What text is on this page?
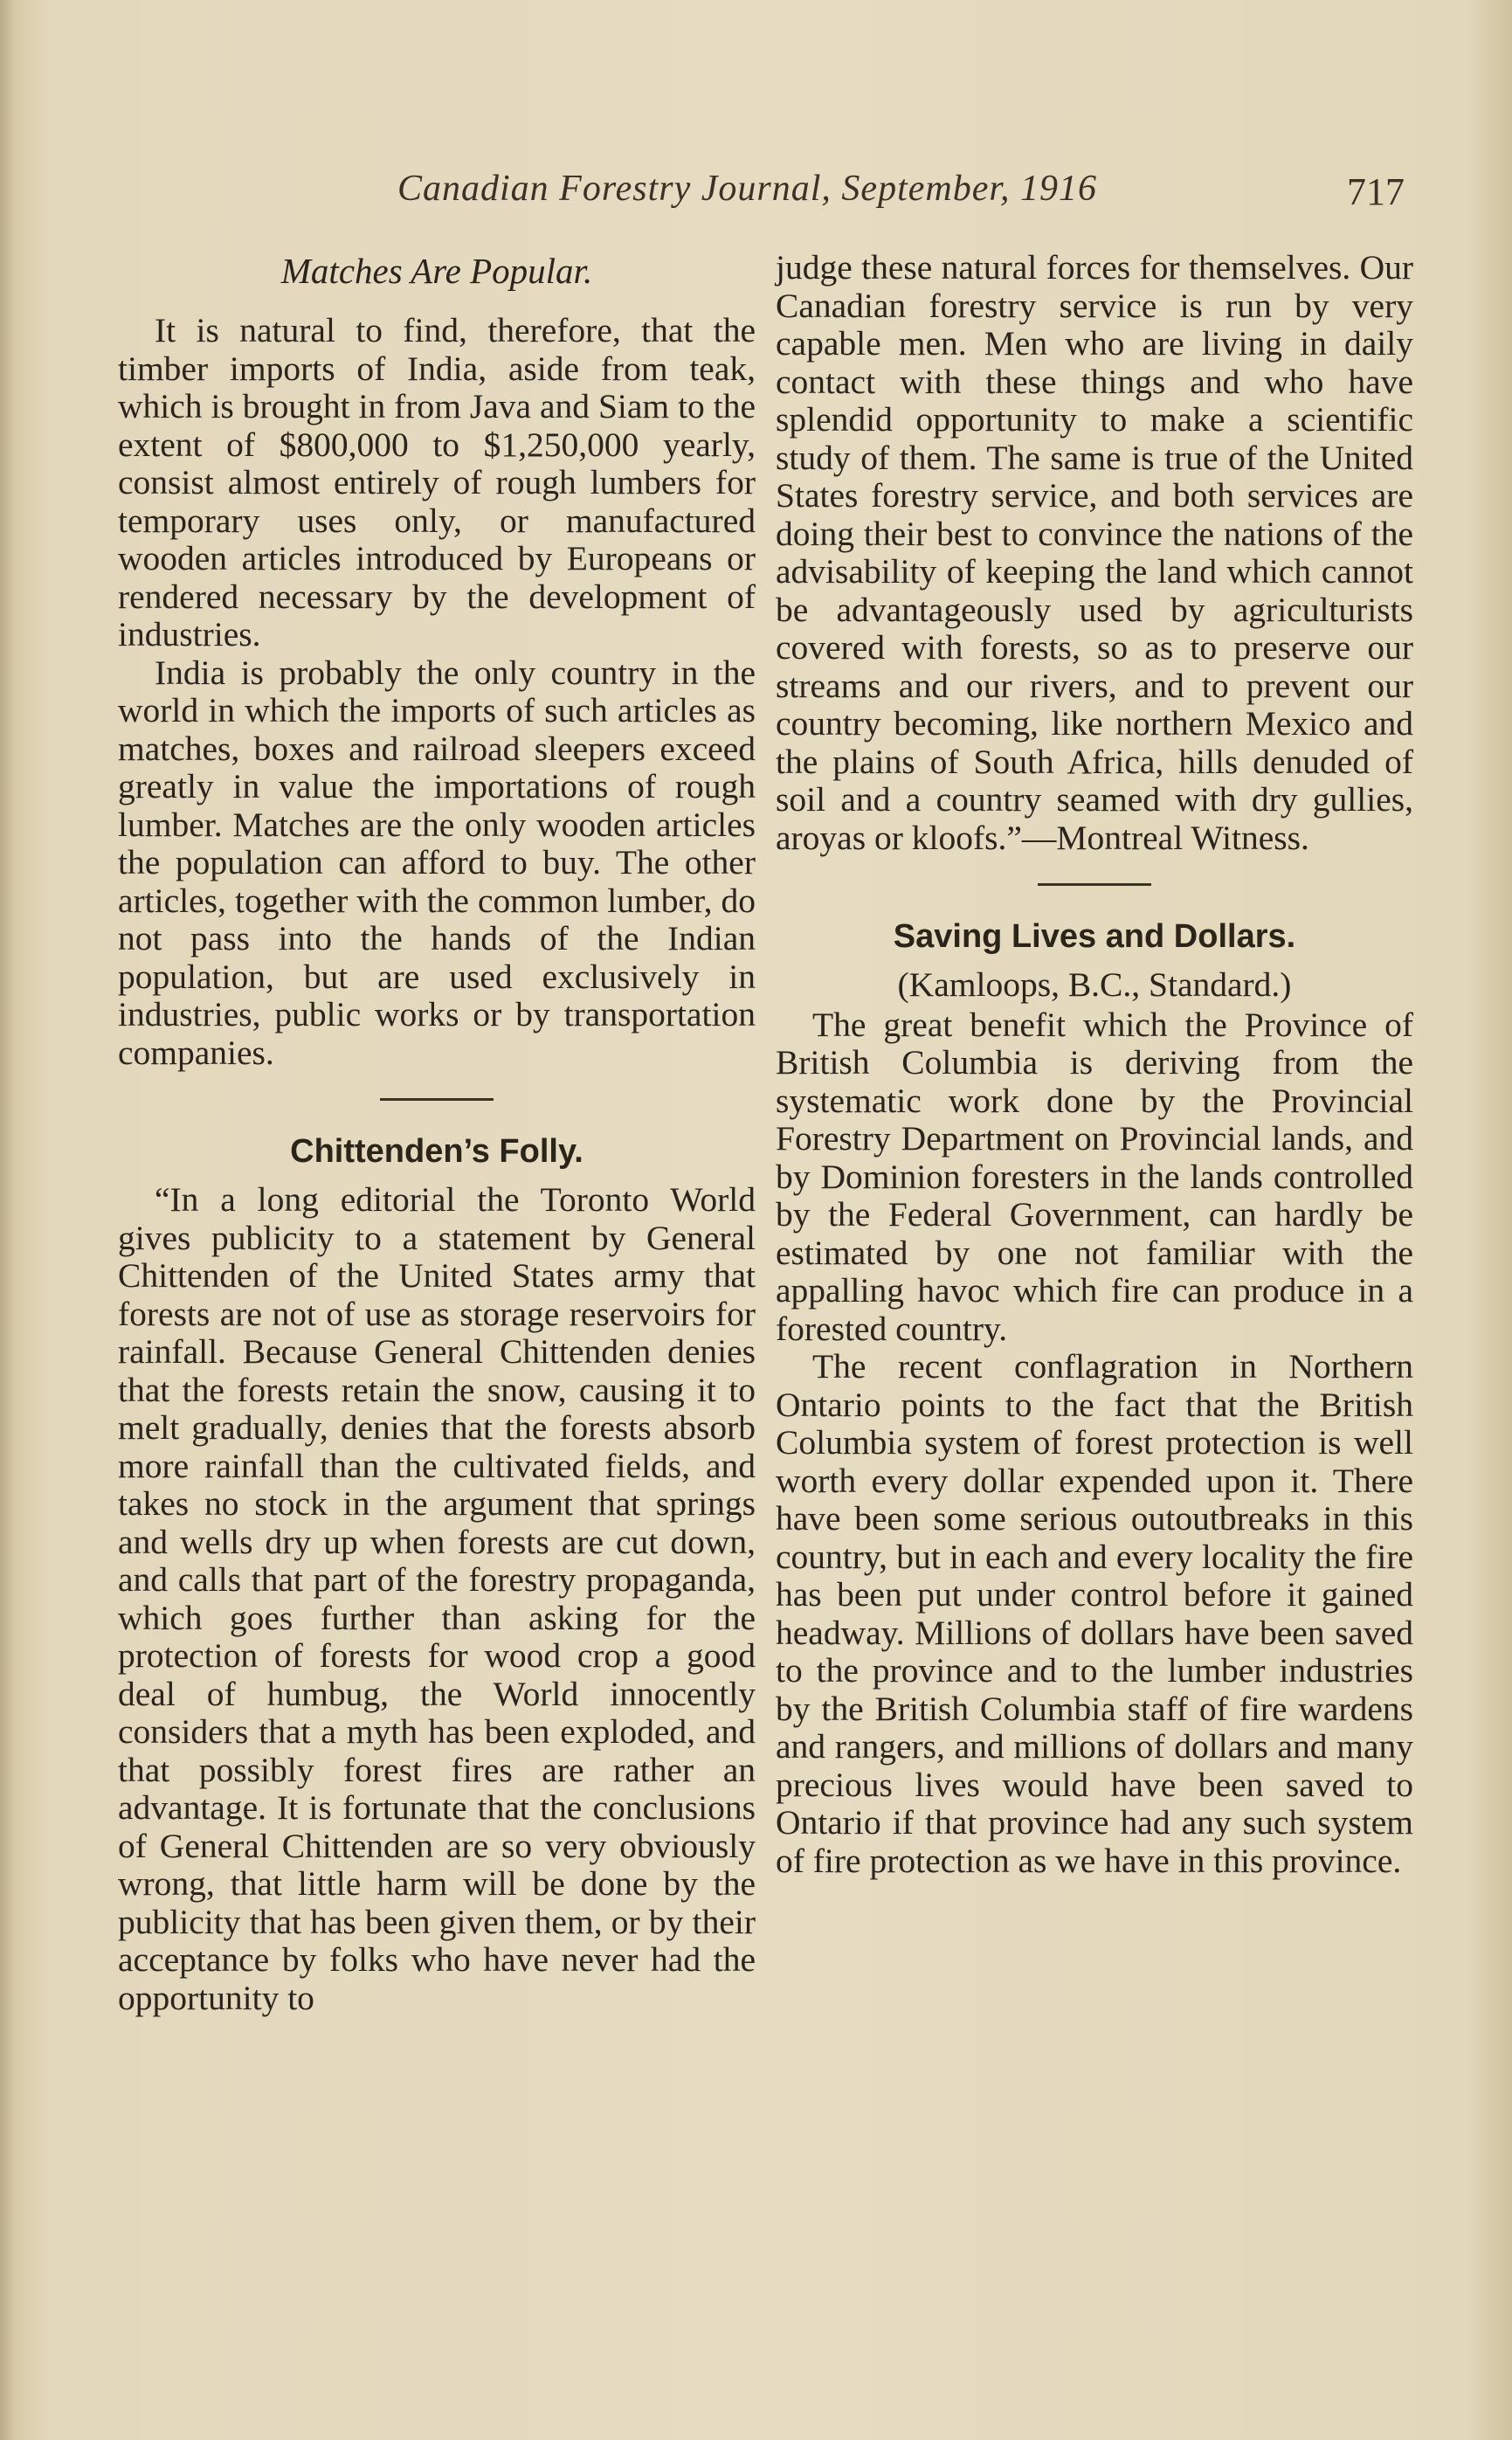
Canadian Forestry Journal, September, 1916	717
Matches Are Popular.

It is natural to find, therefore, that the timber imports of India, aside from teak, which is brought in from Java and Siam to the extent of $800,000 to $1,250,000 yearly, consist almost entirely of rough lumbers for temporary uses only, or manufactured wooden articles introduced by Europeans or rendered necessary by the development of industries.

India is probably the only country in the world in which the imports of such articles as matches, boxes and railroad sleepers exceed greatly in value the importations of rough lumber. Matches are the only wooden articles the population can afford to buy. The other articles, together with the common lumber, do not pass into the hands of the Indian population, but are used exclusively in industries, public works or by transportation companies.

Chittenden’s Folly.

“In a long editorial the Toronto World gives publicity to a statement by General Chittenden of the United States army that forests are not of use as storage reservoirs for rainfall. Because General Chittenden denies that the forests retain the snow, causing it to melt gradually, denies that the forests absorb more rainfall than the cultivated fields, and takes no stock in the argument that springs and wells dry up when forests are cut down, and calls that part of the forestry propaganda, which goes further than asking for the protection of forests for wood crop a good deal of humbug, the World innocently considers that a myth has been exploded, and that possibly forest fires are rather an advantage. It is fortunate that the conclusions of General Chittenden are so very obviously wrong, that little harm will be done by the publicity that has been given them, or by their acceptance by folks who have never had the opportunity to

judge these natural forces for themselves. Our Canadian forestry service is run by very capable men. Men who are living in daily contact with these things and who have splendid opportunity to make a scientific study of them. The same is true of the United States forestry service, and both services are doing their best to convince the nations of the advisability of keeping the land which cannot be advantageously used by agriculturists covered with forests, so as to preserve our streams and our rivers, and to prevent our country becoming, like northern Mexico and the plains of South Africa, hills denuded of soil and a country seamed with dry gullies, aroyas or kloofs.”—Montreal Witness.

Saving Lives and Dollars.
(Kamloops, B.C., Standard.)

The great benefit which the Province of British Columbia is deriving from the systematic work done by the Provincial Forestry Department on Provincial lands, and by Dominion foresters in the lands controlled by the Federal Government, can hardly be estimated by one not familiar with the appalling havoc which fire can produce in a forested country.

The recent conflagration in Northern Ontario points to the fact that the British Columbia system of forest protection is well worth every dollar expended upon it. There have been some serious outoutbreaks in this country, but in each and every locality the fire has been put under control before it gained headway. Millions of dollars have been saved to the province and to the lumber industries by the British Columbia staff of fire wardens and rangers, and millions of dollars and many precious lives would have been saved to Ontario if that province had any such system of fire protection as we have in this province.
